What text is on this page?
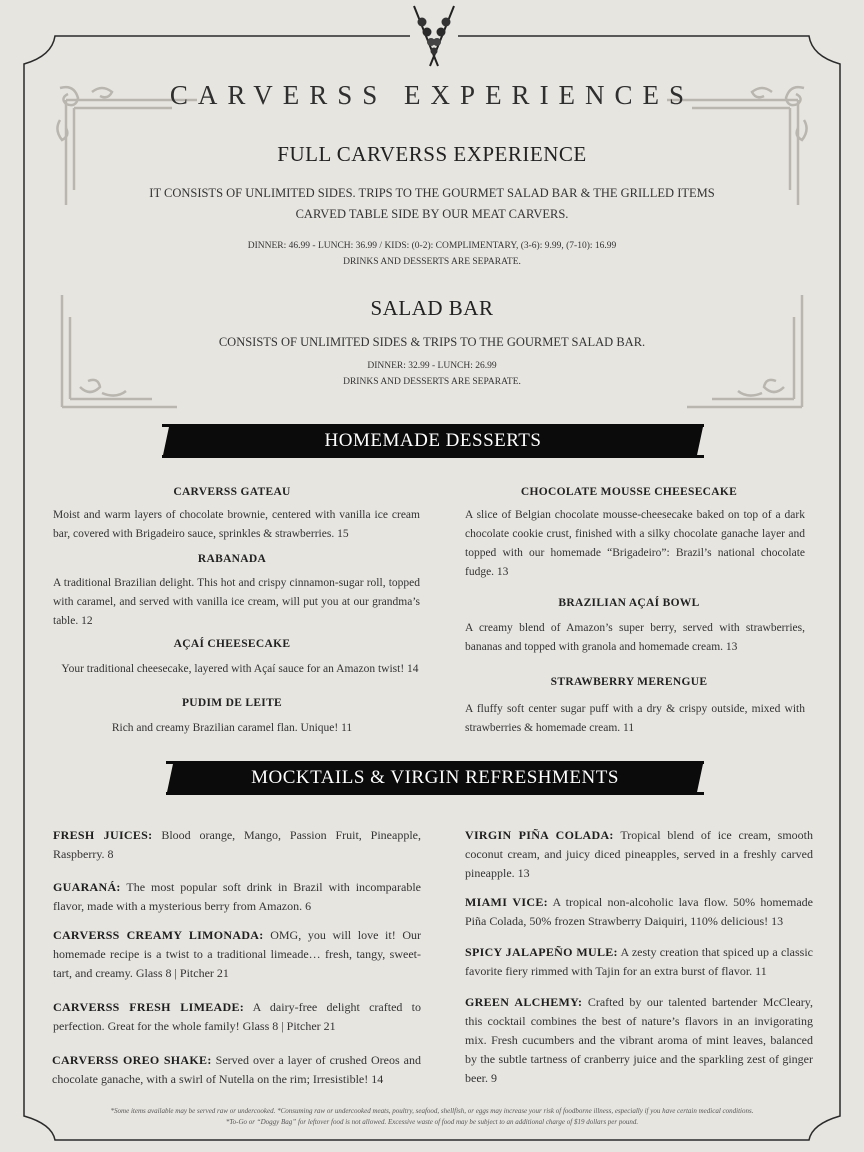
CARVERSS EXPERIENCES
FULL CARVERSS EXPERIENCE
IT CONSISTS OF UNLIMITED SIDES. TRIPS TO THE GOURMET SALAD BAR & THE GRILLED ITEMS
CARVED TABLE SIDE BY OUR MEAT CARVERS.
DINNER: 46.99 - LUNCH: 36.99 / KIDS: (0-2): COMPLIMENTARY, (3-6): 9.99, (7-10): 16.99
DRINKS AND DESSERTS ARE SEPARATE.
SALAD BAR
CONSISTS OF UNLIMITED SIDES & TRIPS TO THE GOURMET SALAD BAR.
DINNER: 32.99 - LUNCH: 26.99
DRINKS AND DESSERTS ARE SEPARATE.
HOMEMADE DESSERTS
CARVERSS GATEAU
Moist and warm layers of chocolate brownie, centered with vanilla ice cream bar, covered with Brigadeiro sauce, sprinkles & strawberries. 15
RABANADA
A traditional Brazilian delight. This hot and crispy cinnamon-sugar roll, topped with caramel, and served with vanilla ice cream, will put you at our grandma’s table. 12
AÇAÍ CHEESECAKE
Your traditional cheesecake, layered with Açaí sauce for an Amazon twist! 14
PUDIM DE LEITE
Rich and creamy Brazilian caramel flan. Unique! 11
CHOCOLATE MOUSSE CHEESECAKE
A slice of Belgian chocolate mousse-cheesecake baked on top of a dark chocolate cookie crust, finished with a silky chocolate ganache layer and topped with our homemade “Brigadeiro”: Brazil’s national chocolate fudge. 13
BRAZILIAN AÇAÍ BOWL
A creamy blend of Amazon’s super berry, served with strawberries, bananas and topped with granola and homemade cream. 13
STRAWBERRY MERENGUE
A fluffy soft center sugar puff with a dry & crispy outside, mixed with strawberries & homemade cream. 11
MOCKTAILS & VIRGIN REFRESHMENTS
FRESH JUICES: Blood orange, Mango, Passion Fruit, Pineapple, Raspberry. 8
GUARANÁ: The most popular soft drink in Brazil with incomparable flavor, made with a mysterious berry from Amazon. 6
CARVERSS CREAMY LIMONADA: OMG, you will love it! Our homemade recipe is a twist to a traditional limeade… fresh, tangy, sweet-tart, and creamy. Glass 8 | Pitcher 21
CARVERSS FRESH LIMEADE: A dairy-free delight crafted to perfection. Great for the whole family! Glass 8 | Pitcher 21
CARVERSS OREO SHAKE: Served over a layer of crushed Oreos and chocolate ganache, with a swirl of Nutella on the rim; Irresistible! 14
VIRGIN PIÑA COLADA: Tropical blend of ice cream, smooth coconut cream, and juicy diced pineapples, served in a freshly carved pineapple. 13
MIAMI VICE: A tropical non-alcoholic lava flow. 50% homemade Piña Colada, 50% frozen Strawberry Daiquiri, 110% delicious! 13
SPICY JALAPEÑO MULE: A zesty creation that spiced up a classic favorite fiery rimmed with Tajin for an extra burst of flavor. 11
GREEN ALCHEMY: Crafted by our talented bartender McCleary, this cocktail combines the best of nature’s flavors in an invigorating mix. Fresh cucumbers and the vibrant aroma of mint leaves, balanced by the subtle tartness of cranberry juice and the sparkling zest of ginger beer. 9
*Some items available may be served raw or undercooked. *Consuming raw or undercooked meats, poultry, seafood, shellfish, or eggs may increase your risk of foodborne illness, especially if you have certain medical conditions.
*To-Go or “Doggy Bag” for leftover food is not allowed. Excessive waste of food may be subject to an additional charge of $19 dollars per pound.
